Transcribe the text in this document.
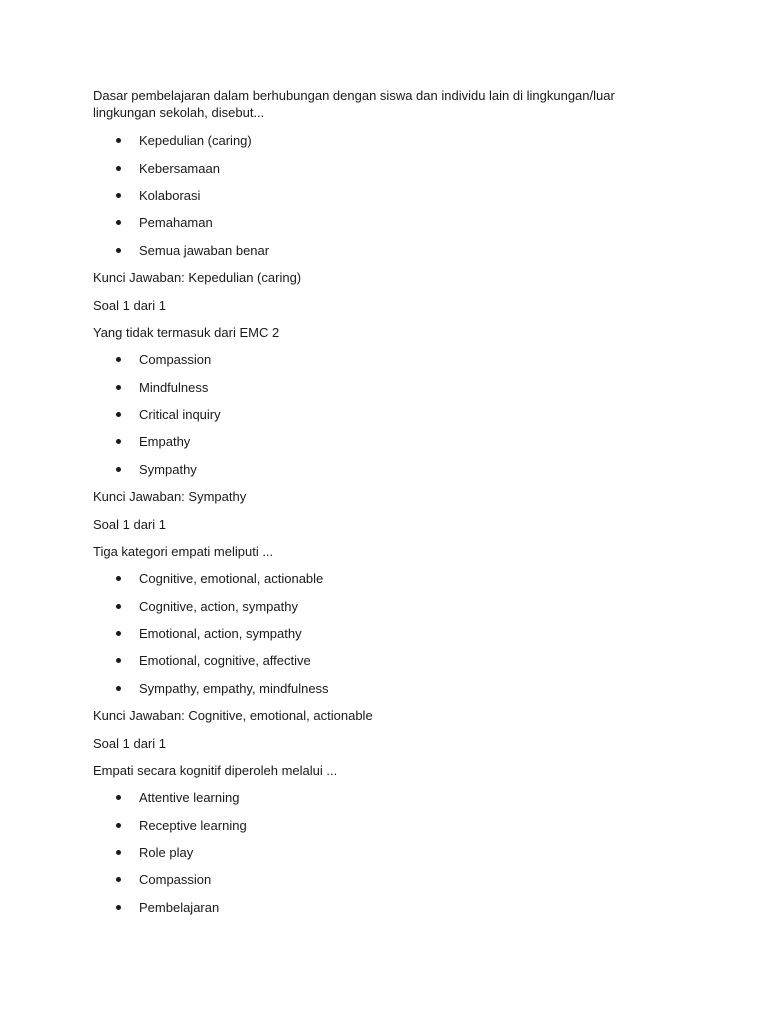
Dasar pembelajaran dalam berhubungan dengan siswa dan individu lain di lingkungan/luar
lingkungan sekolah, disebut...
Kepedulian (caring)
Kebersamaan
Kolaborasi
Pemahaman
Semua jawaban benar
Kunci Jawaban: Kepedulian (caring)
Soal 1 dari 1
Yang tidak termasuk dari EMC 2
Compassion
Mindfulness
Critical inquiry
Empathy
Sympathy
Kunci Jawaban: Sympathy
Soal 1 dari 1
Tiga kategori empati meliputi ...
Cognitive, emotional, actionable
Cognitive, action, sympathy
Emotional, action, sympathy
Emotional, cognitive, affective
Sympathy, empathy, mindfulness
Kunci Jawaban: Cognitive, emotional, actionable
Soal 1 dari 1
Empati secara kognitif diperoleh melalui ...
Attentive learning
Receptive learning
Role play
Compassion
Pembelajaran
